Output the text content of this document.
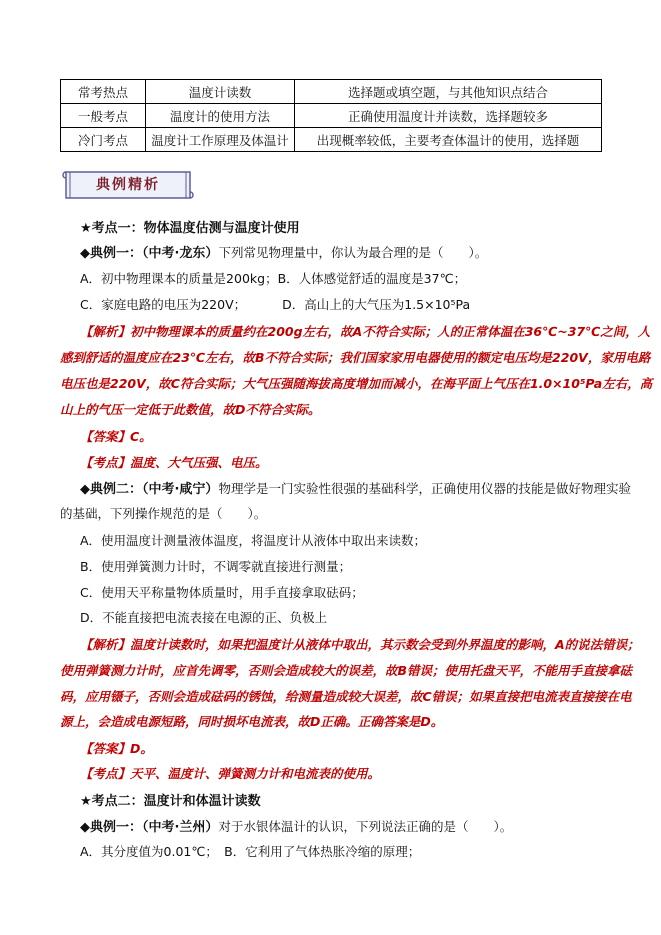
常考热点	温度计读数	选择题或填空题，与其他知识点结合
一般考点	温度计的使用方法	正确使用温度计并读数，选择题较多
冷门考点	温度计工作原理及体温计	出现概率较低，主要考查体温计的使用，选择题
典例精析
★考点一：物体温度估测与温度计使用
◆典例一：（中考·龙东）下列常见物理量中，你认为最合理的是（　　）。
A．初中物理课本的质量是200kg；B．人体感觉舒适的温度是37℃；
C．家庭电路的电压为220V；	D．高山上的大气压为1.5×10⁵Pa
【解析】初中物理课本的质量约在200g左右，故A不符合实际；人的正常体温在36℃~37℃之间，人
感到舒适的温度应在23℃左右，故B不符合实际；我们国家家用电器使用的额定电压均是220V，家用电路
电压也是220V，故C符合实际；大气压强随海拔高度增加而减小，在海平面上气压在1.0×10⁵Pa左右，高
山上的气压一定低于此数值，故D不符合实际。
【答案】C。
【考点】温度、大气压强、电压。
◆典例二：（中考·咸宁）物理学是一门实验性很强的基础科学，正确使用仪器的技能是做好物理实验
的基础，下列操作规范的是（　　）。
A．使用温度计测量液体温度，将温度计从液体中取出来读数；
B．使用弹簧测力计时，不调零就直接进行测量；
C．使用天平称量物体质量时，用手直接拿取砝码；
D．不能直接把电流表接在电源的正、负极上
【解析】温度计读数时，如果把温度计从液体中取出，其示数会受到外界温度的影响，A的说法错误；
使用弹簧测力计时，应首先调零，否则会造成较大的误差，故B错误；使用托盘天平，不能用手直接拿砝
码，应用镊子，否则会造成砝码的锈蚀，给测量造成较大误差，故C错误；如果直接把电流表直接接在电
源上，会造成电源短路，同时损坏电流表，故D正确。正确答案是D。
【答案】D。
【考点】天平、温度计、弹簧测力计和电流表的使用。
★考点二：温度计和体温计读数
◆典例一：（中考·兰州）对于水银体温计的认识，下列说法正确的是（　　）。
A．其分度值为0.01℃；　B．它利用了气体热胀冷缩的原理；
